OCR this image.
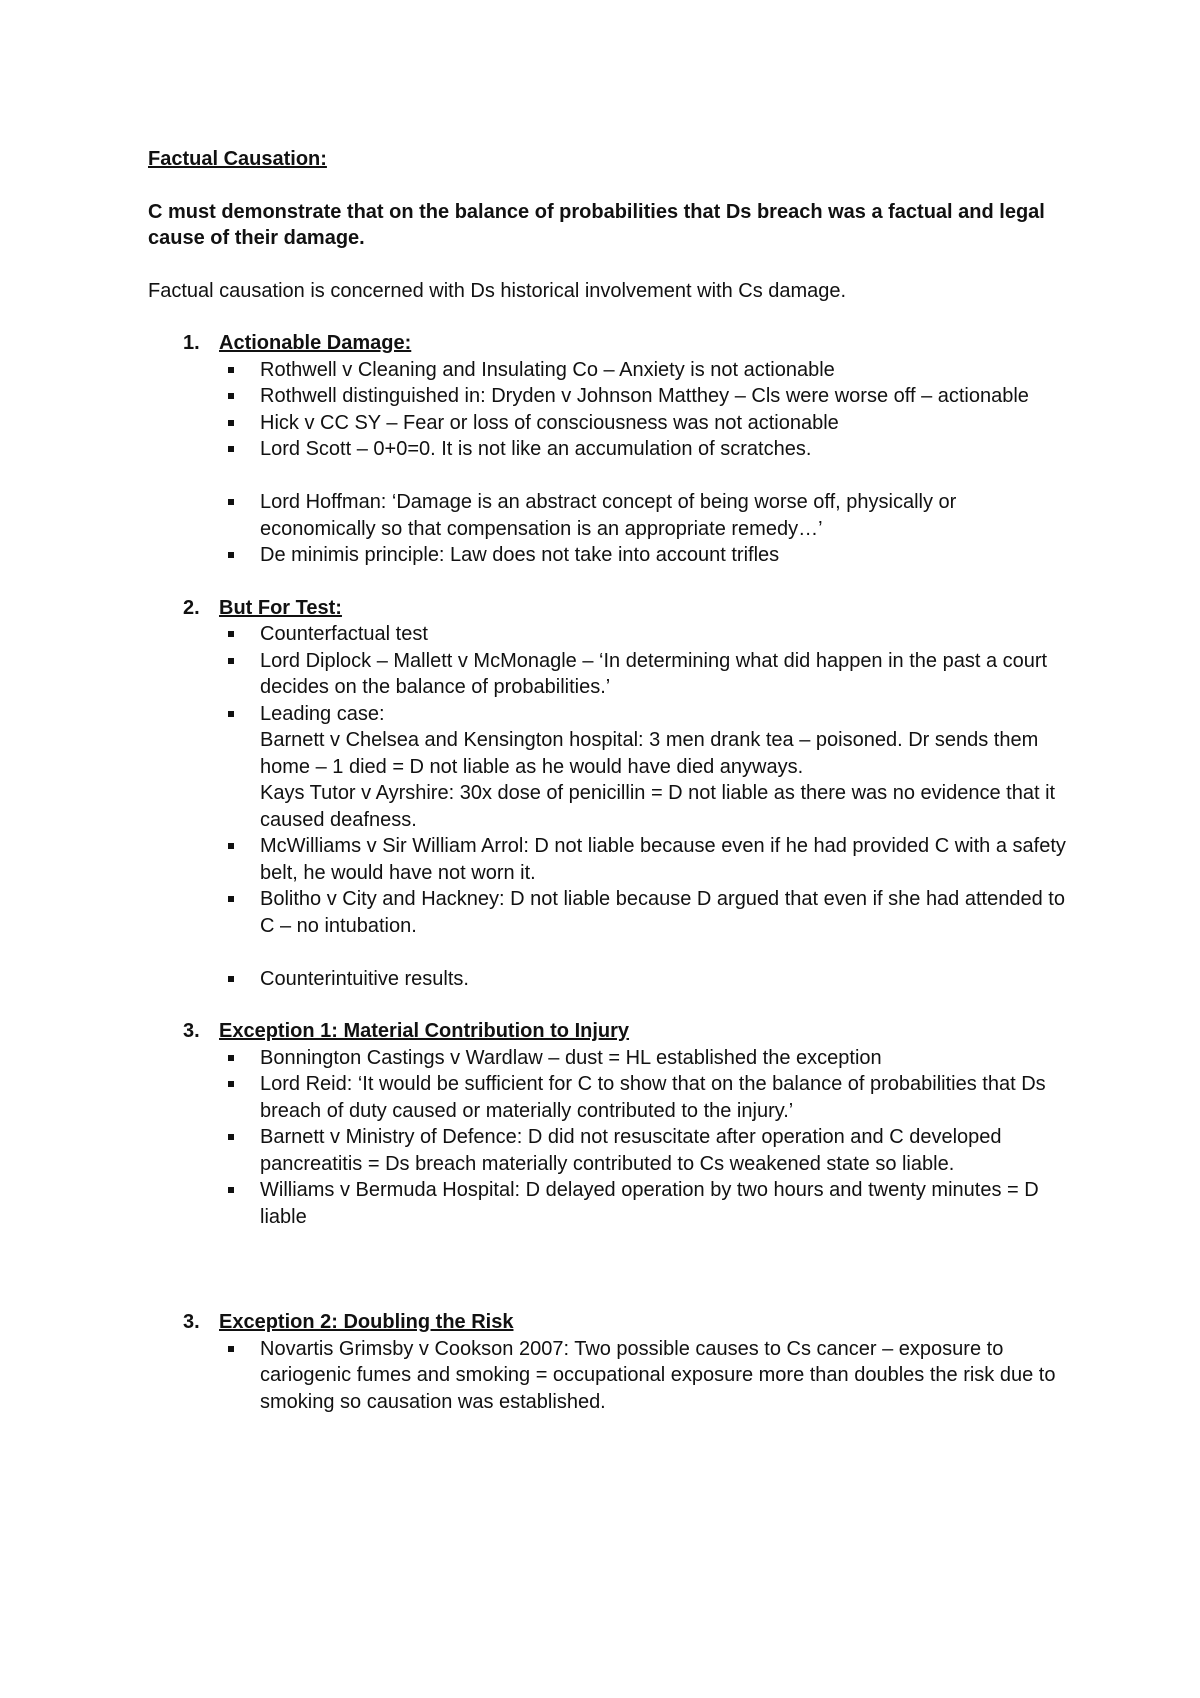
Factual Causation:

C must demonstrate that on the balance of probabilities that Ds breach was a factual and legal cause of their damage.

Factual causation is concerned with Ds historical involvement with Cs damage.

1. Actionable Damage:
Rothwell v Cleaning and Insulating Co – Anxiety is not actionable
Rothwell distinguished in: Dryden v Johnson Matthey – Cls were worse off – actionable
Hick v CC SY – Fear or loss of consciousness was not actionable
Lord Scott – 0+0=0. It is not like an accumulation of scratches.
Lord Hoffman: ‘Damage is an abstract concept of being worse off, physically or economically so that compensation is an appropriate remedy…’
De minimis principle: Law does not take into account trifles
2. But For Test:
Counterfactual test
Lord Diplock – Mallett v McMonagle – ‘In determining what did happen in the past a court decides on the balance of probabilities.’
Leading case:
Barnett v Chelsea and Kensington hospital: 3 men drank tea – poisoned. Dr sends them home – 1 died = D not liable as he would have died anyways.
Kays Tutor v Ayrshire: 30x dose of penicillin = D not liable as there was no evidence that it caused deafness.
McWilliams v Sir William Arrol: D not liable because even if he had provided C with a safety belt, he would have not worn it.
Bolitho v City and Hackney: D not liable because D argued that even if she had attended to C – no intubation.
Counterintuitive results.
3. Exception 1: Material Contribution to Injury
Bonnington Castings v Wardlaw – dust = HL established the exception
Lord Reid: ‘It would be sufficient for C to show that on the balance of probabilities that Ds breach of duty caused or materially contributed to the injury.’
Barnett v Ministry of Defence: D did not resuscitate after operation and C developed pancreatitis = Ds breach materially contributed to Cs weakened state so liable.
Williams v Bermuda Hospital: D delayed operation by two hours and twenty minutes = D liable
3. Exception 2: Doubling the Risk
Novartis Grimsby v Cookson 2007: Two possible causes to Cs cancer – exposure to cariogenic fumes and smoking = occupational exposure more than doubles the risk due to smoking so causation was established.
